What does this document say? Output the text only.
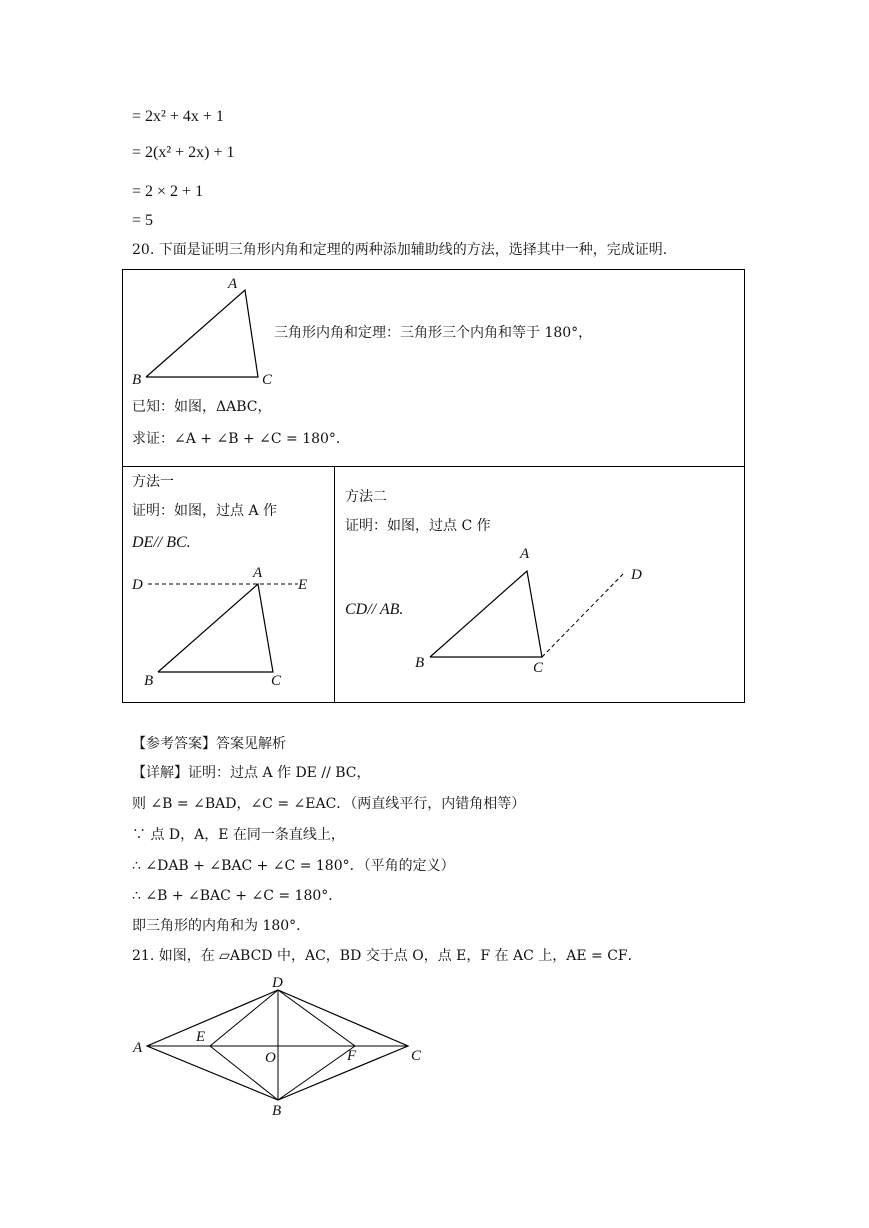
= 2x² + 4x + 1
= 2(x² + 2x) + 1
= 2 × 2 + 1
= 5
20. 下面是证明三角形内角和定理的两种添加辅助线的方法，选择其中一种，完成证明.
A
B	C
三角形内角和定理：三角形三个内角和等于 180°，
已知：如图，ΔABC，
求证：∠A + ∠B + ∠C = 180°.
方法一
证明：如图，过点 A 作
DE// BC.
D
A
E
B	C
方法二
证明：如图，过点 C 作
CD// AB.
A
D
B	C
【参考答案】答案见解析
【详解】证明：过点 A 作 DE // BC，
则 ∠B = ∠BAD，∠C = ∠EAC．（两直线平行，内错角相等）
∵ 点 D，A，E 在同一条直线上，
∴ ∠DAB + ∠BAC + ∠C = 180°．（平角的定义）
∴ ∠B + ∠BAC + ∠C = 180°．
即三角形的内角和为 180°．
21. 如图，在 ▱ABCD 中，AC，BD 交于点 O，点 E，F 在 AC 上，AE = CF．
A
D
C
B
E
F
O
